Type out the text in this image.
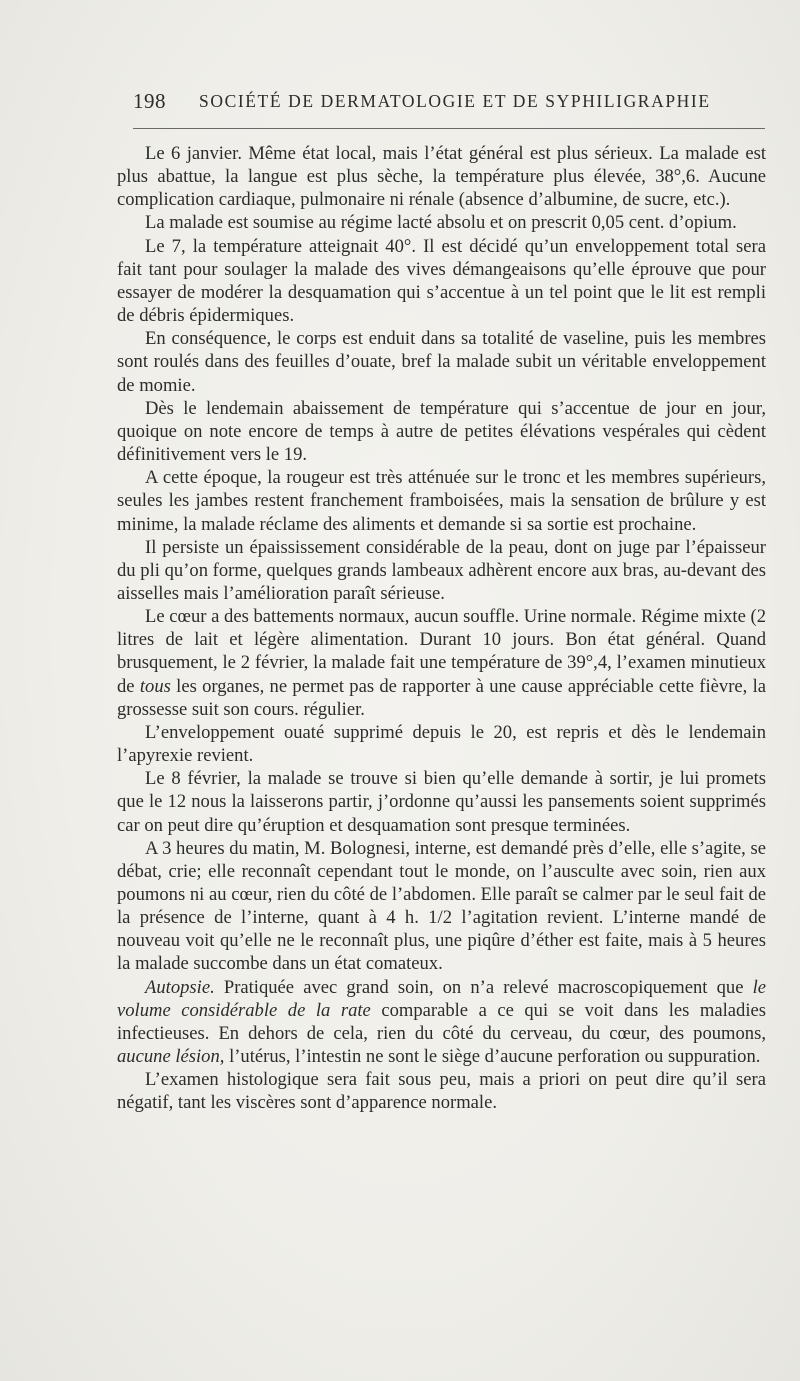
198 SOCIÉTÉ DE DERMATOLOGIE ET DE SYPHILIGRAPHIE

Le 6 janvier. Même état local, mais l’état général est plus sérieux. La malade est plus abattue, la langue est plus sèche, la température plus élevée, 38°,6. Aucune complication cardiaque, pulmonaire ni rénale (absence d’albumine, de sucre, etc.).

La malade est soumise au régime lacté absolu et on prescrit 0,05 cent. d’opium.

Le 7, la température atteignait 40°. Il est décidé qu’un enveloppement total sera fait tant pour soulager la malade des vives démangeaisons qu’elle éprouve que pour essayer de modérer la desquamation qui s’accentue à un tel point que le lit est rempli de débris épidermiques.

En conséquence, le corps est enduit dans sa totalité de vaseline, puis les membres sont roulés dans des feuilles d’ouate, bref la malade subit un véritable enveloppement de momie.

Dès le lendemain abaissement de température qui s’accentue de jour en jour, quoique on note encore de temps à autre de petites élévations vespérales qui cèdent définitivement vers le 19.

A cette époque, la rougeur est très atténuée sur le tronc et les membres supérieurs, seules les jambes restent franchement framboisées, mais la sensation de brûlure y est minime, la malade réclame des aliments et demande si sa sortie est prochaine.

Il persiste un épaississement considérable de la peau, dont on juge par l’épaisseur du pli qu’on forme, quelques grands lambeaux adhèrent encore aux bras, au-devant des aisselles mais l’amélioration paraît sérieuse.

Le cœur a des battements normaux, aucun souffle. Urine normale. Régime mixte (2 litres de lait et légère alimentation. Durant 10 jours. Bon état général. Quand brusquement, le 2 février, la malade fait une température de 39°,4, l’examen minutieux de tous les organes, ne permet pas de rapporter à une cause appréciable cette fièvre, la grossesse suit son cours. régulier.

L’enveloppement ouaté supprimé depuis le 20, est repris et dès le lendemain l’apyrexie revient.

Le 8 février, la malade se trouve si bien qu’elle demande à sortir, je lui promets que le 12 nous la laisserons partir, j’ordonne qu’aussi les pansements soient supprimés car on peut dire qu’éruption et desquamation sont presque terminées.

A 3 heures du matin, M. Bolognesi, interne, est demandé près d’elle, elle s’agite, se débat, crie; elle reconnaît cependant tout le monde, on l’ausculte avec soin, rien aux poumons ni au cœur, rien du côté de l’abdomen. Elle paraît se calmer par le seul fait de la présence de l’interne, quant à 4 h. 1/2 l’agitation revient. L’interne mandé de nouveau voit qu’elle ne le reconnaît plus, une piqûre d’éther est faite, mais à 5 heures la malade succombe dans un état comateux.

Autopsie. Pratiquée avec grand soin, on n’a relevé macroscopiquement que le volume considérable de la rate comparable a ce qui se voit dans les maladies infectieuses. En dehors de cela, rien du côté du cerveau, du cœur, des poumons, aucune lésion, l’utérus, l’intestin ne sont le siège d’aucune perforation ou suppuration.

L’examen histologique sera fait sous peu, mais a priori on peut dire qu’il sera négatif, tant les viscères sont d’apparence normale.
